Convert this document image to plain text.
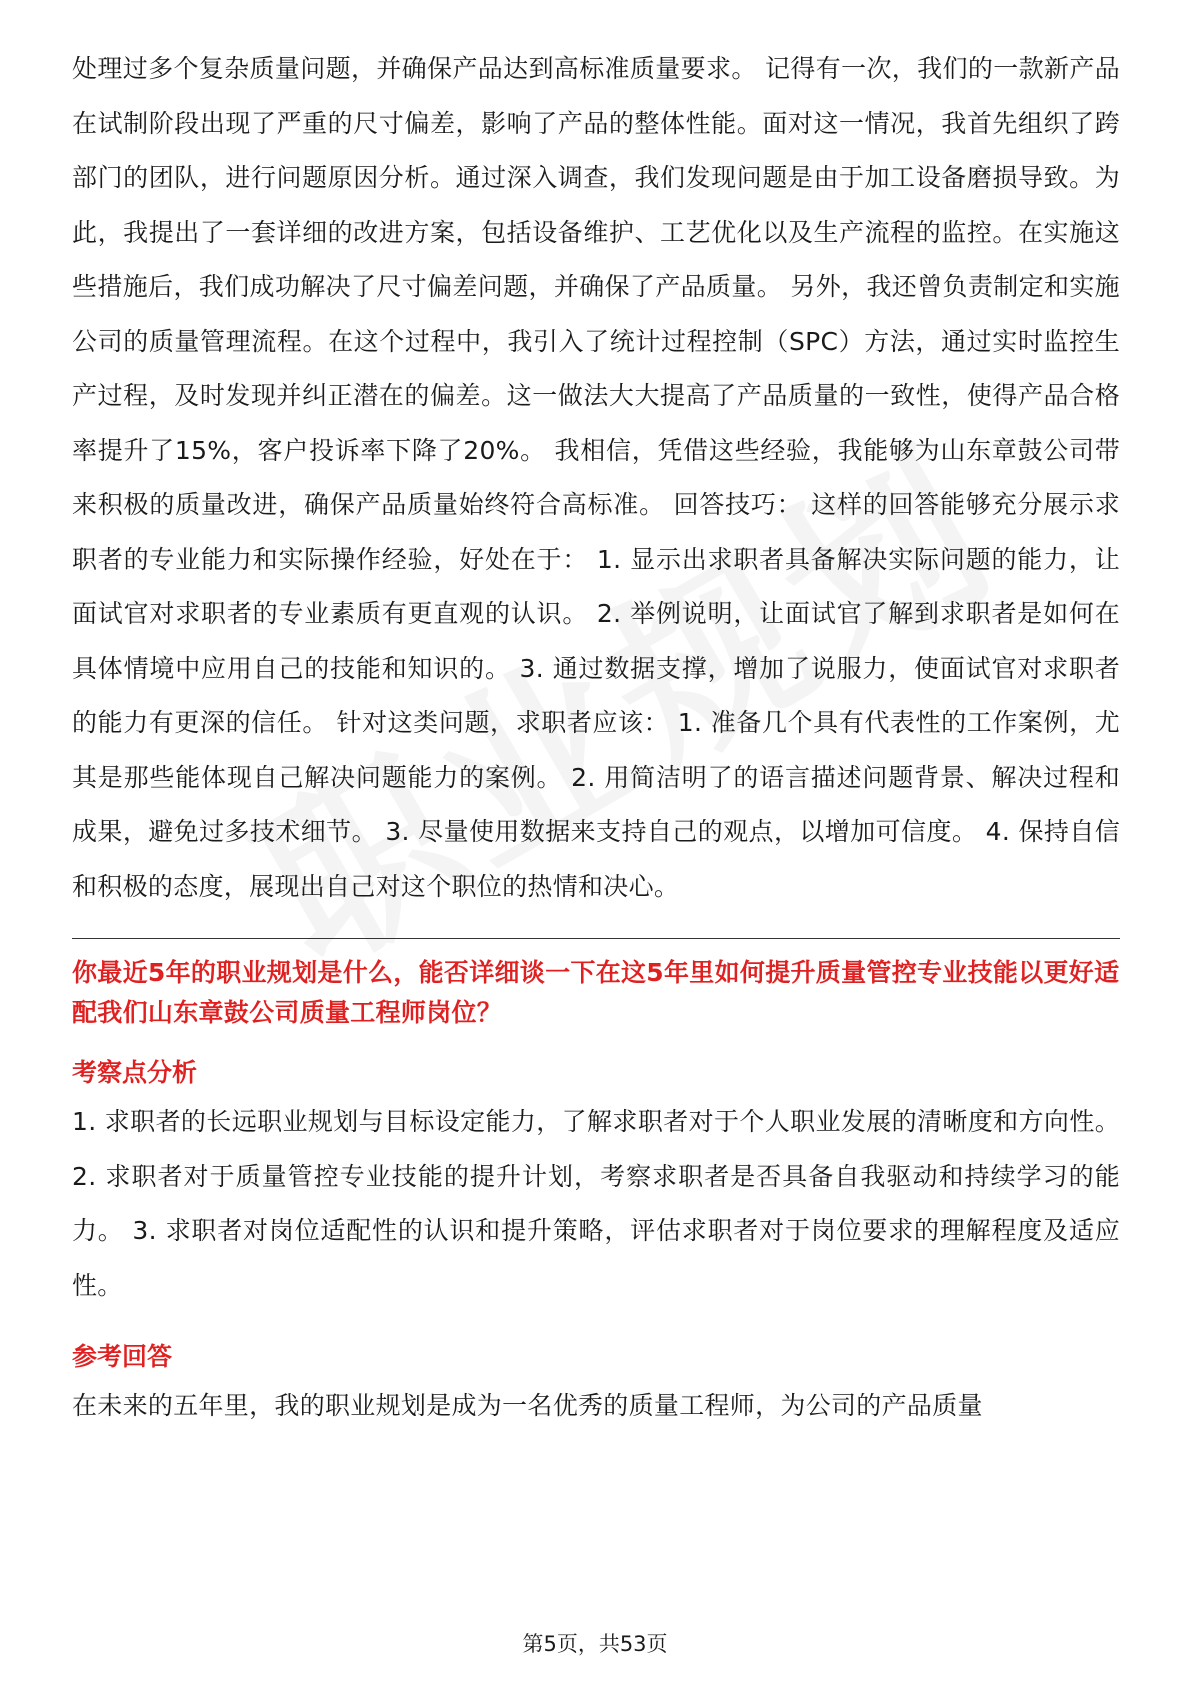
处理过多个复杂质量问题，并确保产品达到高标准质量要求。 记得有一次，我们的一款新产品在试制阶段出现了严重的尺寸偏差，影响了产品的整体性能。面对这一情况，我首先组织了跨部门的团队，进行问题原因分析。通过深入调查，我们发现问题是由于加工设备磨损导致。为此，我提出了一套详细的改进方案，包括设备维护、工艺优化以及生产流程的监控。在实施这些措施后，我们成功解决了尺寸偏差问题，并确保了产品质量。 另外，我还曾负责制定和实施公司的质量管理流程。在这个过程中，我引入了统计过程控制（SPC）方法，通过实时监控生产过程，及时发现并纠正潜在的偏差。这一做法大大提高了产品质量的一致性，使得产品合格率提升了15%，客户投诉率下降了20%。 我相信，凭借这些经验，我能够为山东章鼓公司带来积极的质量改进，确保产品质量始终符合高标准。 回答技巧： 这样的回答能够充分展示求职者的专业能力和实际操作经验，好处在于： 1. 显示出求职者具备解决实际问题的能力，让面试官对求职者的专业素质有更直观的认识。 2. 举例说明，让面试官了解到求职者是如何在具体情境中应用自己的技能和知识的。 3. 通过数据支撑，增加了说服力，使面试官对求职者的能力有更深的信任。 针对这类问题，求职者应该： 1. 准备几个具有代表性的工作案例，尤其是那些能体现自己解决问题能力的案例。 2. 用简洁明了的语言描述问题背景、解决过程和成果，避免过多技术细节。 3. 尽量使用数据来支持自己的观点，以增加可信度。 4. 保持自信和积极的态度，展现出自己对这个职位的热情和决心。

你最近5年的职业规划是什么，能否详细谈一下在这5年里如何提升质量管控专业技能以更好适配我们山东章鼓公司质量工程师岗位？

考察点分析

1. 求职者的长远职业规划与目标设定能力，了解求职者对于个人职业发展的清晰度和方向性。 2. 求职者对于质量管控专业技能的提升计划，考察求职者是否具备自我驱动和持续学习的能力。 3. 求职者对岗位适配性的认识和提升策略，评估求职者对于岗位要求的理解程度及适应性。

参考回答

在未来的五年里，我的职业规划是成为一名优秀的质量工程师，为公司的产品质量

第5页，共53页
